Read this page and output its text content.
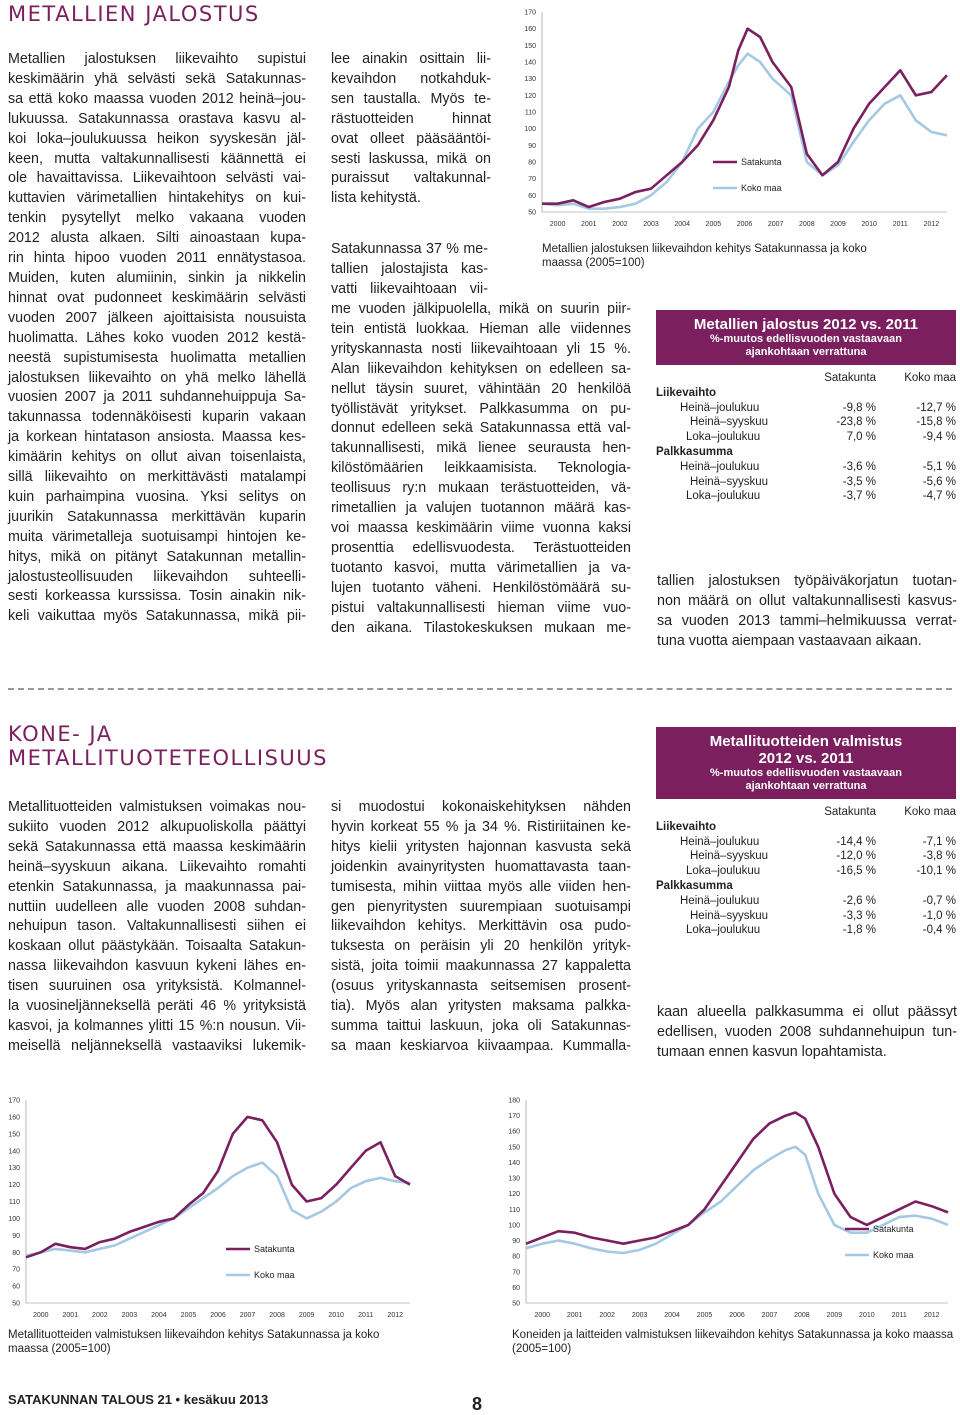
METALLIEN JALOSTUS
Metallien jalostuksen liikevaihto supistui
keskimäärin yhä selvästi sekä Satakunnas-
sa että koko maassa vuoden 2012 heinä–jou-
lukuussa. Satakunnassa orastava kasvu al-
koi loka–joulukuussa heikon syyskesän jäl-
keen, mutta valtakunnallisesti käännettä ei
ole havaittavissa. Liikevaihtoon selvästi vai-
kuttavien värimetallien hintakehitys on kui-
tenkin pysytellyt melko vakaana vuoden
2012 alusta alkaen. Silti ainoastaan kupa-
rin hinta hipoo vuoden 2011 ennätystasoa.
Muiden, kuten alumiinin, sinkin ja nikkelin
hinnat ovat pudonneet keskimäärin selvästi
vuoden 2007 jälkeen ajoittaisista nousuista
huolimatta. Lähes koko vuoden 2012 kestä-
neestä supistumisesta huolimatta metallien
jalostuksen liikevaihto on yhä melko lähellä
vuosien 2007 ja 2011 suhdannehuippuja Sa-
takunnassa todennäköisesti kuparin vakaan
ja korkean hintatason ansiosta. Maassa kes-
kimäärin kehitys on ollut aivan toisenlaista,
sillä liikevaihto on merkittävästi matalampi
kuin parhaimpina vuosina. Yksi selitys on
juurikin Satakunnassa merkittävän kuparin
muita värimetalleja suotuisampi hintojen ke-
hitys, mikä on pitänyt Satakunnan metallin-
jalostusteollisuuden liikevaihdon suhteelli-
sesti korkeassa kurssissa. Tosin ainakin nik-
keli vaikuttaa myös Satakunnassa, mikä pii-
lee ainakin osittain lii-
kevaihdon notkahduk-
sen taustalla. Myös te-
rästuotteiden hinnat
ovat olleet pääsääntöi-
sesti laskussa, mikä on
puraissut valtakunnal-
lista kehitystä.
Satakunnassa 37 % me-
tallien jalostajista kas-
vatti liikevaihtoaan vii-
me vuoden jälkipuolella, mikä on suurin piir-
tein entistä luokkaa. Hieman alle viidennes
yrityskannasta nosti liikevaihtoaan yli 15 %.
Alan liikevaihdon kehityksen on edelleen sa-
nellut täysin suuret, vähintään 20 henkilöä
työllistävät yritykset. Palkkasumma on pu-
donnut edelleen sekä Satakunnassa että val-
takunnallisesti, mikä lienee seurausta hen-
kilöstömäärien leikkaamisista. Teknologia-
teollisuus ry:n mukaan terästuotteiden, vä-
rimetallien ja valujen tuotannon määrä kas-
voi maassa keskimäärin viime vuonna kaksi
prosenttia edellisvuodesta. Terästuotteiden
tuotanto kasvoi, mutta värimetallien ja va-
lujen tuotanto väheni. Henkilöstömäärä su-
pistui valtakunnallisesti hieman viime vuo-
den aikana. Tilastokeskuksen mukaan me-
tallien jalostuksen työpäiväkorjatun tuotan-
non määrä on ollut valtakunnallisesti kasvus-
sa vuoden 2013 tammi–helmikuussa verrat-
tuna vuotta aiempaan vastaavaan aikaan.
50
60
70
80
90
100
110
120
130
140
150
160
170
2000 2001 2002 2003 2004 2005 2006 2007 2008 2009 2010 2011 2012
Satakunta
Koko maa
Metallien jalostuksen liikevaihdon kehitys Satakunnassa ja koko maassa (2005=100)
Metallien jalostus 2012 vs. 2011
%-muutos edellisvuoden vastaavaan
ajankohtaan verrattuna
	Satakunta	Koko maa
Liikevaihto		
Heinä–joulukuu	-9,8 %	-12,7 %
Heinä–syyskuu	-23,8 %	-15,8 %
Loka–joulukuu	7,0 %	-9,4 %
Palkkasumma		
Heinä–joulukuu	-3,6 %	-5,1 %
Heinä–syyskuu	-3,5 %	-5,6 %
Loka–joulukuu	-3,7 %	-4,7 %
KONE- JA
METALLITUOTETEOLLISUUS
Metallituotteiden valmistuksen voimakas nou-
sukiito vuoden 2012 alkupuoliskolla päättyi
sekä Satakunnassa että maassa keskimäärin
heinä–syyskuun aikana. Liikevaihto romahti
etenkin Satakunnassa, ja maakunnassa pai-
nuttiin uudelleen alle vuoden 2008 suhdan-
nehuipun tason. Valtakunnallisesti siihen ei
koskaan ollut päästykään. Toisaalta Satakun-
nassa liikevaihdon kasvuun kykeni lähes en-
tisen suuruinen osa yrityksistä. Kolmannel-
la vuosineljänneksellä peräti 46 % yrityksistä
kasvoi, ja kolmannes ylitti 15 %:n nousun. Vii-
meisellä neljänneksellä vastaaviksi lukemik-
si muodostui kokonaiskehityksen nähden
hyvin korkeat 55 % ja 34 %. Ristiriitainen ke-
hitys kielii yritysten hajonnan kasvusta sekä
joidenkin avainyritysten huomattavasta taan-
tumisesta, mihin viittaa myös alle viiden hen-
gen pienyritysten suurempiaan suotuisampi
liikevaihdon kehitys. Merkittävin osa pudo-
tuksesta on peräisin yli 20 henkilön yrityk-
sistä, joita toimii maakunnassa 27 kappaletta
(osuus yrityskannasta seitsemisen prosent-
tia). Myös alan yritysten maksama palkka-
summa taittui laskuun, joka oli Satakunnas-
sa maan keskiarvoa kiivaampaa. Kummalla-
kaan alueella palkkasumma ei ollut päässyt
edellisen, vuoden 2008 suhdannehuipun tun-
tumaan ennen kasvun lopahtamista.
Metallituotteiden valmistus
2012 vs. 2011
%-muutos edellisvuoden vastaavaan
ajankohtaan verrattuna
	Satakunta	Koko maa
Liikevaihto		
Heinä–joulukuu	-14,4 %	-7,1 %
Heinä–syyskuu	-12,0 %	-3,8 %
Loka–joulukuu	-16,5 %	-10,1 %
Palkkasumma		
Heinä–joulukuu	-2,6 %	-0,7 %
Heinä–syyskuu	-3,3 %	-1,0 %
Loka–joulukuu	-1,8 %	-0,4 %
50
60
70
80
90
100
110
120
130
140
150
160
170
2000 2001 2002 2003 2004 2005 2006 2007 2008 2009 2010 2011 2012
Satakunta
Koko maa
Metallituotteiden valmistuksen liikevaihdon kehitys Satakunnassa ja koko maassa (2005=100)
50
60
70
80
90
100
110
120
130
140
150
160
170
180
2000 2001 2002 2003 2004 2005 2006 2007 2008 2009 2010 2011 2012
Satakunta
Koko maa
Koneiden ja laitteiden valmistuksen liikevaihdon kehitys Satakunnassa ja koko maassa (2005=100)
SATAKUNNAN TALOUS 21 • kesäkuu 2013	8
